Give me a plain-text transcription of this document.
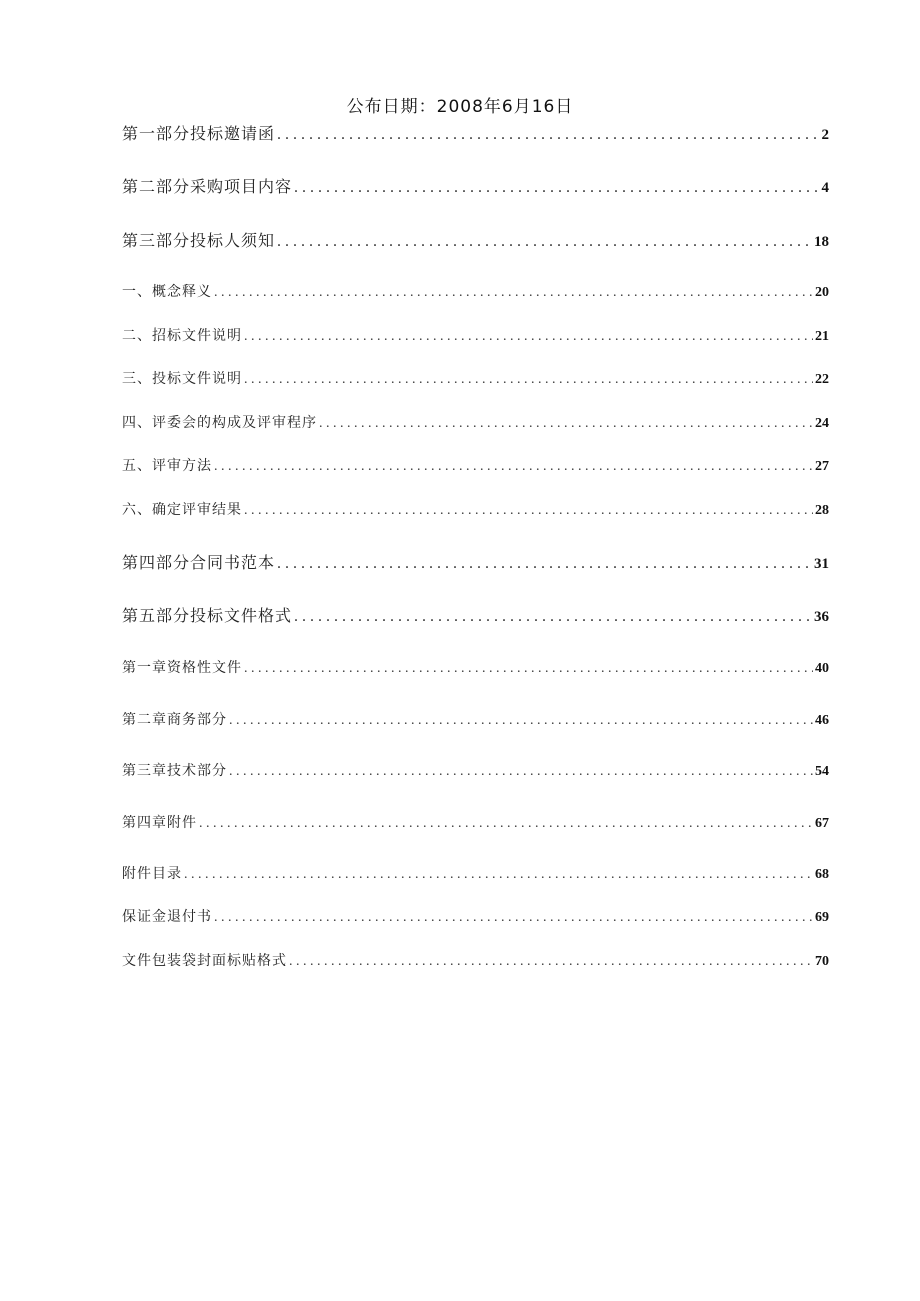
公布日期：2008年6月16日
第一部分投标邀请函 . . .	2
第二部分采购项目内容 . . .	4
第三部分投标人须知 . . .	18
一、概念释义 . . .	20
二、招标文件说明 . . .	21
三、投标文件说明 . . .	22
四、评委会的构成及评审程序 . . .	24
五、评审方法 . . .	27
六、确定评审结果 . . .	28
第四部分合同书范本 . . .	31
第五部分投标文件格式 . . .	36
第一章资格性文件 . . .	40
第二章商务部分 . . .	46
第三章技术部分 . . .	54
第四章附件 . . .	67
附件目录 . . .	68
保证金退付书 . . .	69
文件包装袋封面标贴格式 . . .	70
